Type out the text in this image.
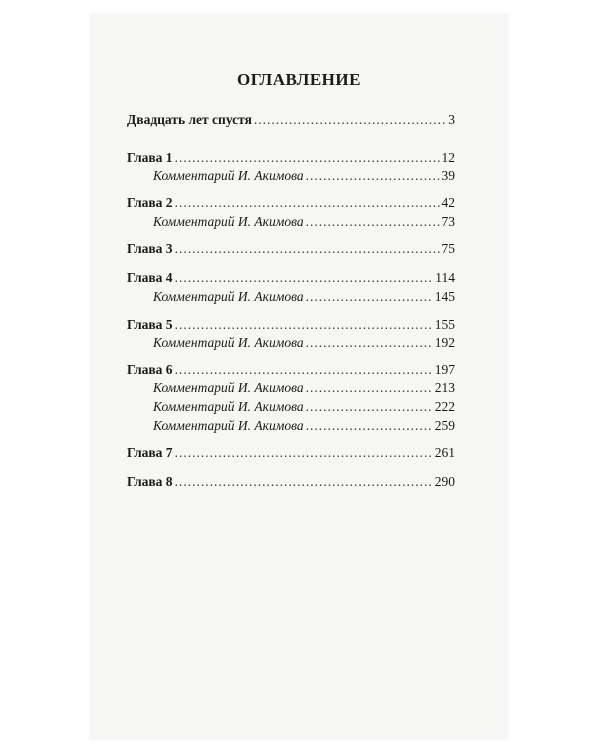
ОГЛАВЛЕНИЕ
Двадцать лет спустя .....	3
Глава 1 .....	12
Комментарий И. Акимова .....	39
Глава 2 .....	42
Комментарий И. Акимова .....	73
Глава 3 .....	75
Глава 4 .....	114
Комментарий И. Акимова .....	145
Глава 5 .....	155
Комментарий И. Акимова .....	192
Глава 6 .....	197
Комментарий И. Акимова .....	213
Комментарий И. Акимова .....	222
Комментарий И. Акимова .....	259
Глава 7 .....	261
Глава 8 .....	290
